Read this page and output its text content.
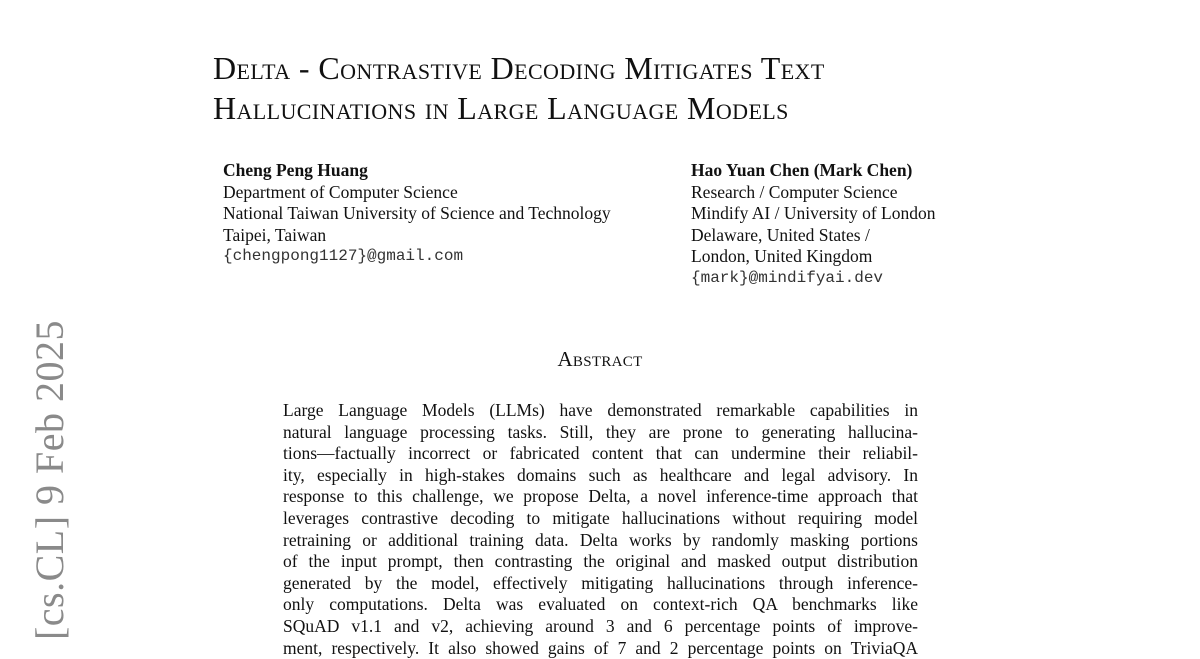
[cs.CL] 9 Feb 2025
Delta - Contrastive Decoding Mitigates Text
Hallucinations in Large Language Models
Cheng Peng Huang
Department of Computer Science
National Taiwan University of Science and Technology
Taipei, Taiwan
{chengpong1127}@gmail.com
Hao Yuan Chen (Mark Chen)
Research / Computer Science
Mindify AI / University of London
Delaware, United States /
London, United Kingdom
{mark}@mindifyai.dev
Abstract
Large Language Models (LLMs) have demonstrated remarkable capabilities in
natural language processing tasks. Still, they are prone to generating hallucina-
tions—factually incorrect or fabricated content that can undermine their reliabil-
ity, especially in high-stakes domains such as healthcare and legal advisory. In
response to this challenge, we propose Delta, a novel inference-time approach that
leverages contrastive decoding to mitigate hallucinations without requiring model
retraining or additional training data. Delta works by randomly masking portions
of the input prompt, then contrasting the original and masked output distribution
generated by the model, effectively mitigating hallucinations through inference-
only computations. Delta was evaluated on context-rich QA benchmarks like
SQuAD v1.1 and v2, achieving around 3 and 6 percentage points of improve-
ment, respectively. It also showed gains of 7 and 2 percentage points on TriviaQA
